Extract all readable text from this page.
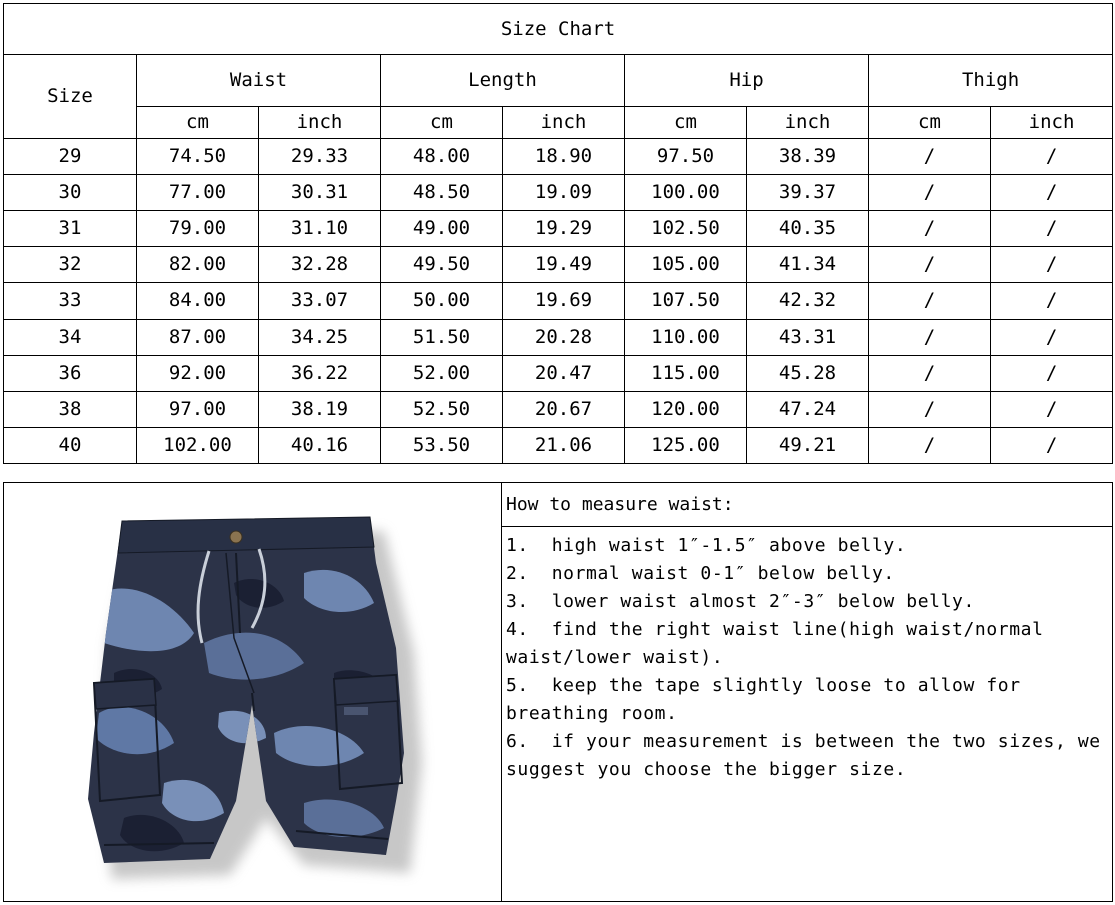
Size Chart								
Size	Waist		Length		Hip		Thigh	
	cm	inch	cm	inch	cm	inch	cm	inch
29	74.50	29.33	48.00	18.90	97.50	38.39	/	/
30	77.00	30.31	48.50	19.09	100.00	39.37	/	/
31	79.00	31.10	49.00	19.29	102.50	40.35	/	/
32	82.00	32.28	49.50	19.49	105.00	41.34	/	/
33	84.00	33.07	50.00	19.69	107.50	42.32	/	/
34	87.00	34.25	51.50	20.28	110.00	43.31	/	/
36	92.00	36.22	52.00	20.47	115.00	45.28	/	/
38	97.00	38.19	52.50	20.67	120.00	47.24	/	/
40	102.00	40.16	53.50	21.06	125.00	49.21	/	/
How to measure waist:
1.  high waist 1″-1.5″ above belly.
2.  normal waist 0-1″ below belly.
3.  lower waist almost 2″-3″ below belly.
4.  find the right waist line(high waist/normal waist/lower waist).
5.  keep the tape slightly loose to allow for breathing room.
6.  if your measurement is between the two sizes, we suggest you choose the bigger size.
